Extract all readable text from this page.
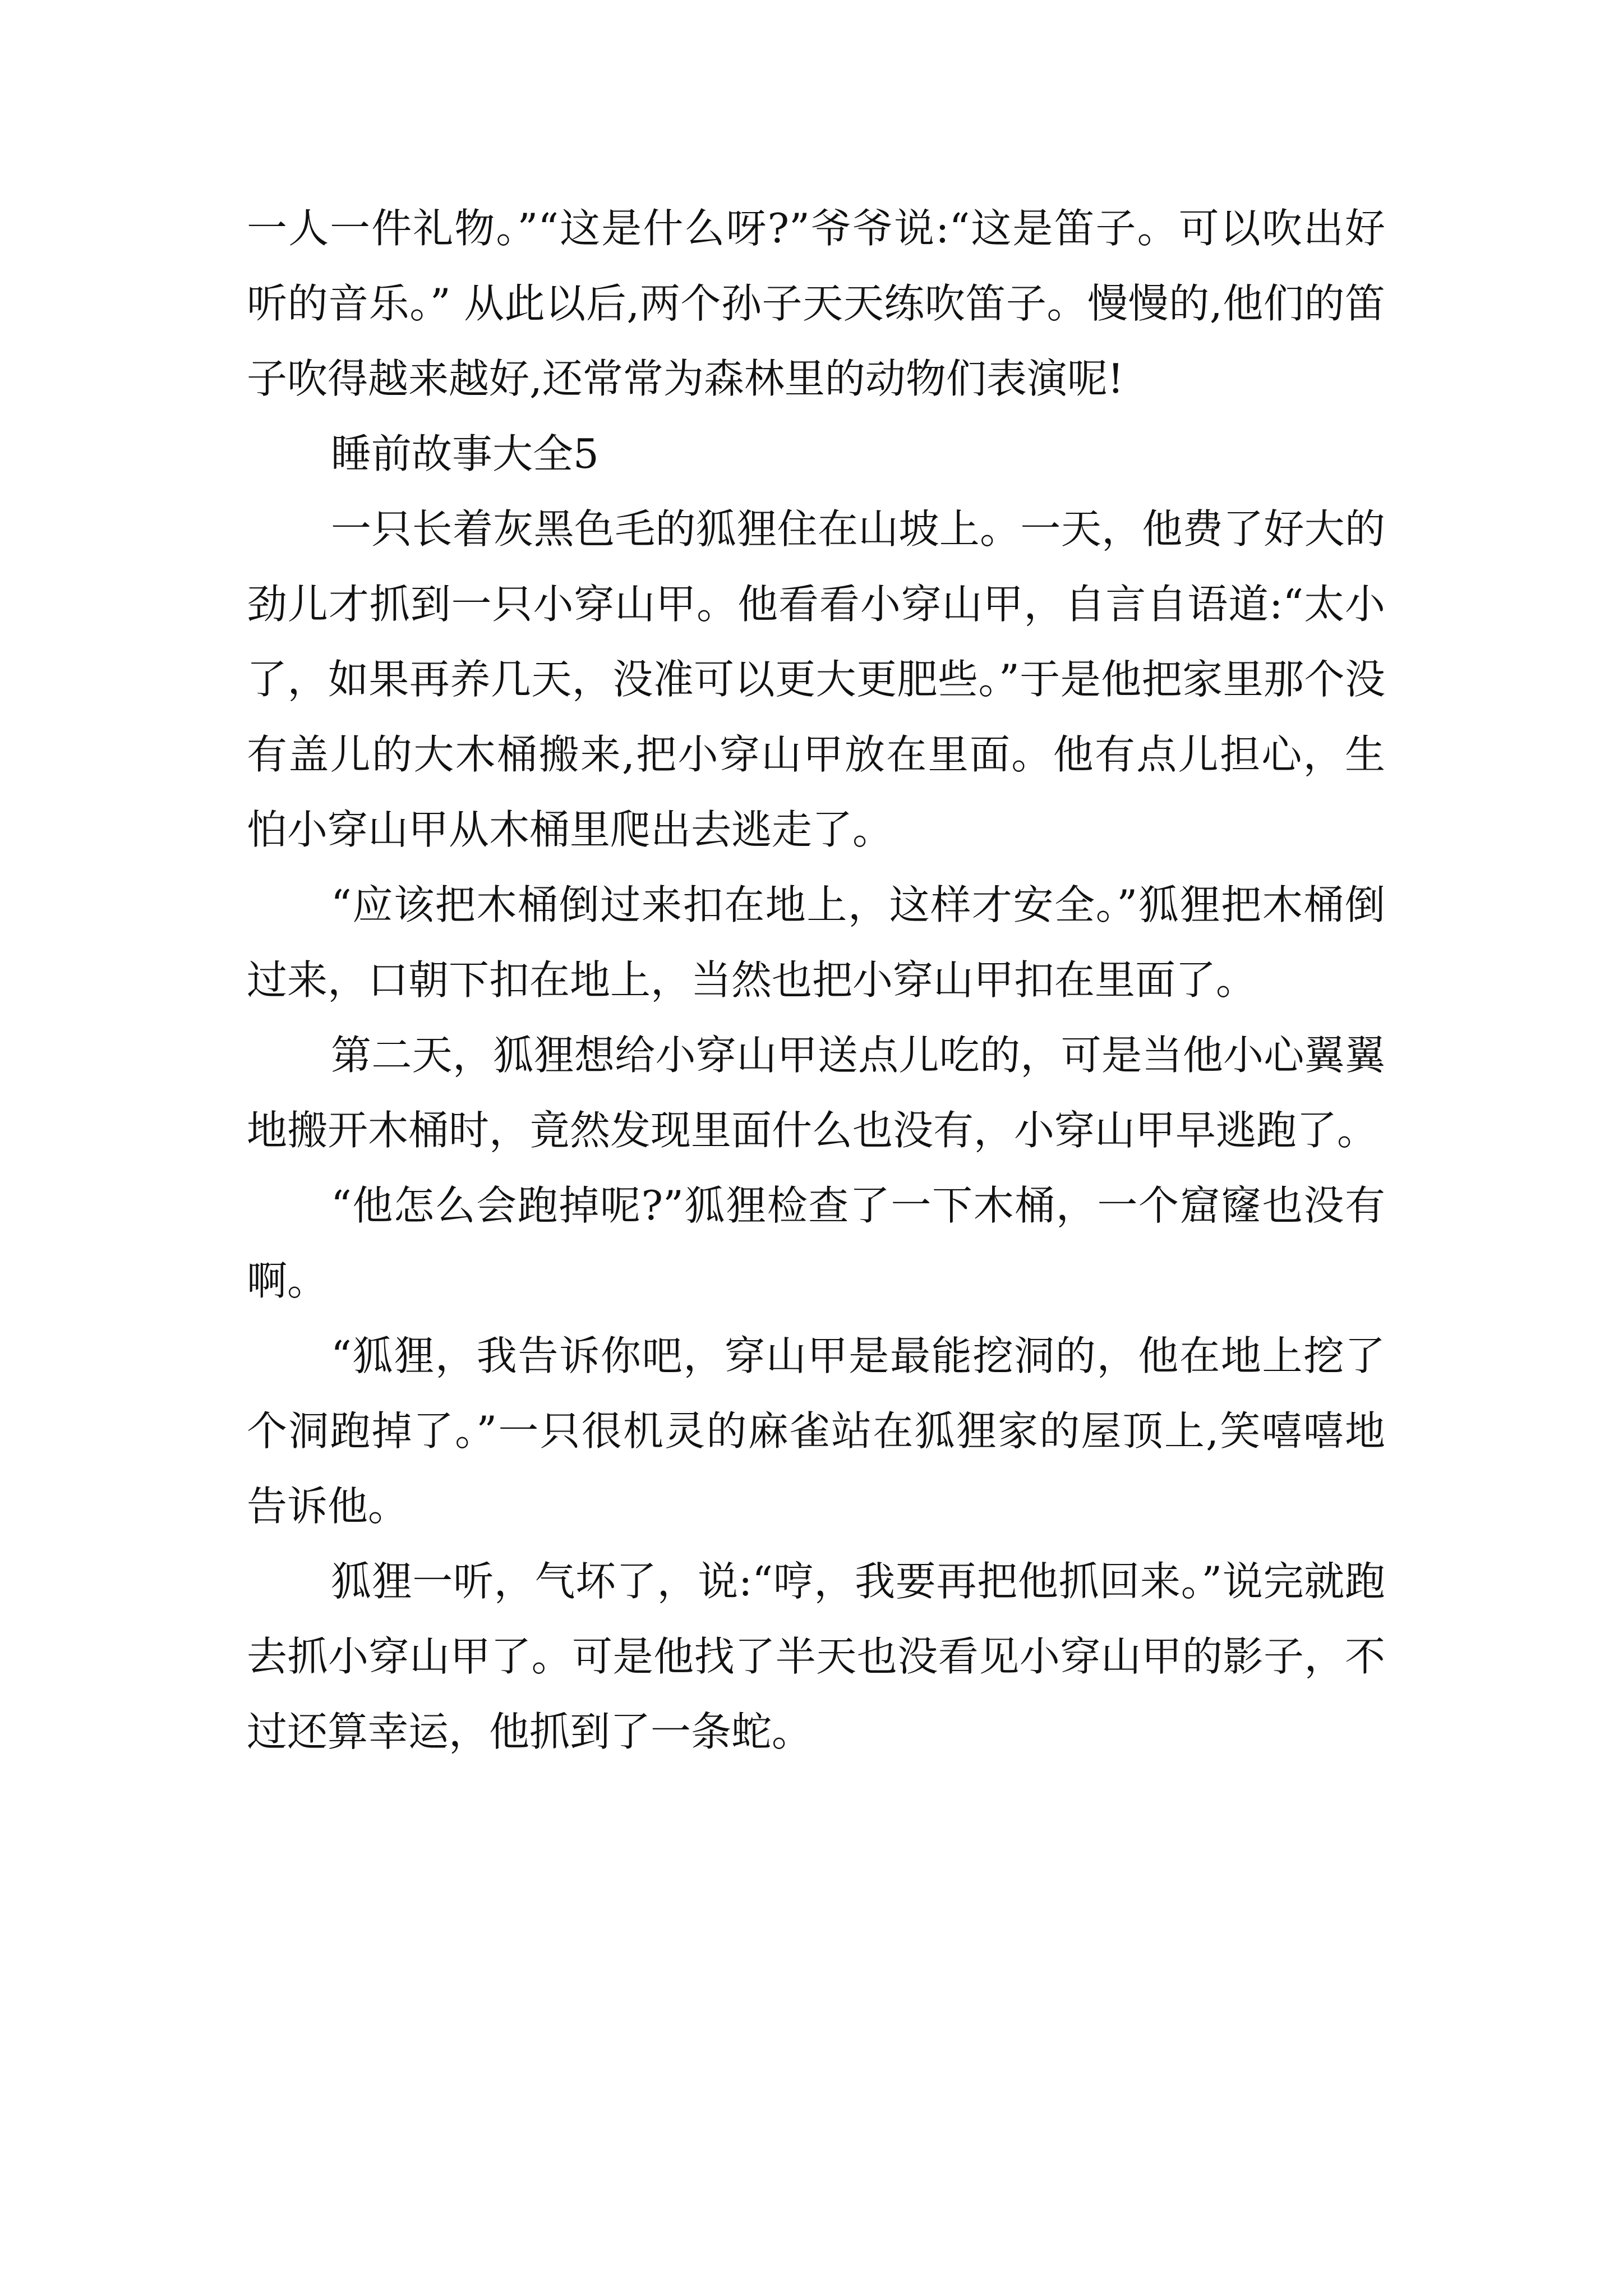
一人一件礼物。”“这是什么呀?”爷爷说:“这是笛子。可以吹出好听的音乐。” 从此以后,两个孙子天天练吹笛子。慢慢的,他们的笛子吹得越来越好,还常常为森林里的动物们表演呢!

睡前故事大全5

一只长着灰黑色毛的狐狸住在山坡上。一天，他费了好大的劲儿才抓到一只小穿山甲。他看看小穿山甲，自言自语道:“太小了，如果再养几天，没准可以更大更肥些。”于是他把家里那个没有盖儿的大木桶搬来,把小穿山甲放在里面。他有点儿担心，生怕小穿山甲从木桶里爬出去逃走了。

“应该把木桶倒过来扣在地上，这样才安全。”狐狸把木桶倒过来，口朝下扣在地上，当然也把小穿山甲扣在里面了。

第二天，狐狸想给小穿山甲送点儿吃的，可是当他小心翼翼地搬开木桶时，竟然发现里面什么也没有，小穿山甲早逃跑了。

“他怎么会跑掉呢?”狐狸检查了一下木桶，一个窟窿也没有啊。

“狐狸，我告诉你吧，穿山甲是最能挖洞的，他在地上挖了个洞跑掉了。”一只很机灵的麻雀站在狐狸家的屋顶上,笑嘻嘻地告诉他。

狐狸一听，气坏了，说:“哼，我要再把他抓回来。”说完就跑去抓小穿山甲了。可是他找了半天也没看见小穿山甲的影子，不过还算幸运，他抓到了一条蛇。
